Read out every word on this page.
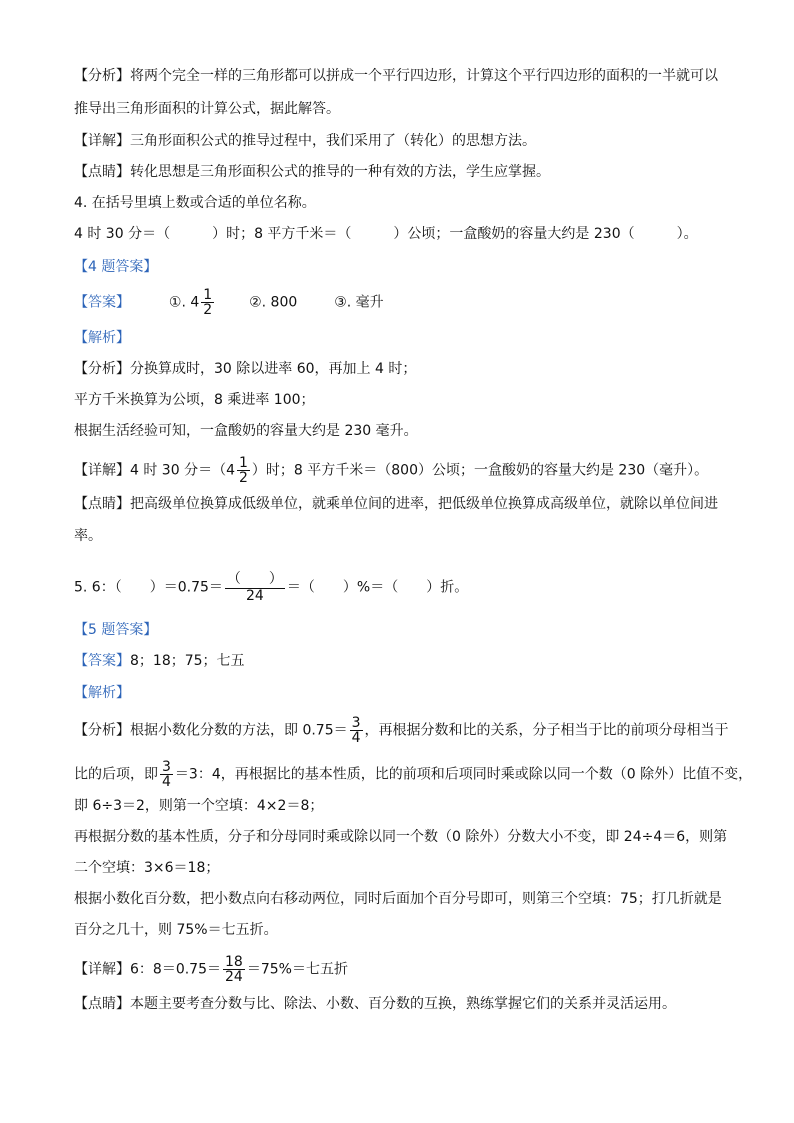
【分析】将两个完全一样的三角形都可以拼成一个平行四边形，计算这个平行四边形的面积的一半就可以
推导出三角形面积的计算公式，据此解答。
【详解】三角形面积公式的推导过程中，我们采用了（转化）的思想方法。
【点睛】转化思想是三角形面积公式的推导的一种有效的方法，学生应掌握。
4. 在括号里填上数或合适的单位名称。
4 时 30 分＝（　　　）时；8 平方千米＝（　　　）公顷；一盒酸奶的容量大约是 230（　　　）。
【4 题答案】
【答案】	①. $4 \frac{1}{2}$ ②. 800	③. 毫升
【解析】
【分析】分换算成时，30 除以进率 60，再加上 4 时；
平方千米换算为公顷，8 乘进率 100；
根据生活经验可知，一盒酸奶的容量大约是 230 毫升。
【详解】4 时 30 分$=(4 \frac{1}{2}$ ）时；8 平方千米＝（800）公顷；一盒酸奶的容量大约是 230（毫升）。
【点睛】把高级单位换算成低级单位，就乘单位间的进率，把低级单位换算成高级单位，就除以单位间进
率。
5. 6：（　　）$=0.75= \frac{( )}{24}$ ＝（　　）%＝（　　）折。
【5 题答案】
【答案】8；18；75；七五
【解析】
【分析】根据小数化分数的方法，即 $0.75= \frac{3}{4}$ ，再根据分数和比的关系，分子相当于比的前项分母相当于
比的后项，即 $\frac{3}{4} =3$：4，再根据比的基本性质，比的前项和后项同时乘或除以同一个数（0 除外）比值不变，
即 6÷3＝2，则第一个空填：4×2＝8；
再根据分数的基本性质，分子和分母同时乘或除以同一个数（0 除外）分数大小不变，即 24÷4＝6，则第
二个空填：3×6＝18；
根据小数化百分数，把小数点向右移动两位，同时后面加个百分号即可，则第三个空填：75；打几折就是
百分之几十，则 75%＝七五折。
【详解】6：$8=0.75= \frac{18}{24} =75\%=$七五折
【点睛】本题主要考查分数与比、除法、小数、百分数的互换，熟练掌握它们的关系并灵活运用。
